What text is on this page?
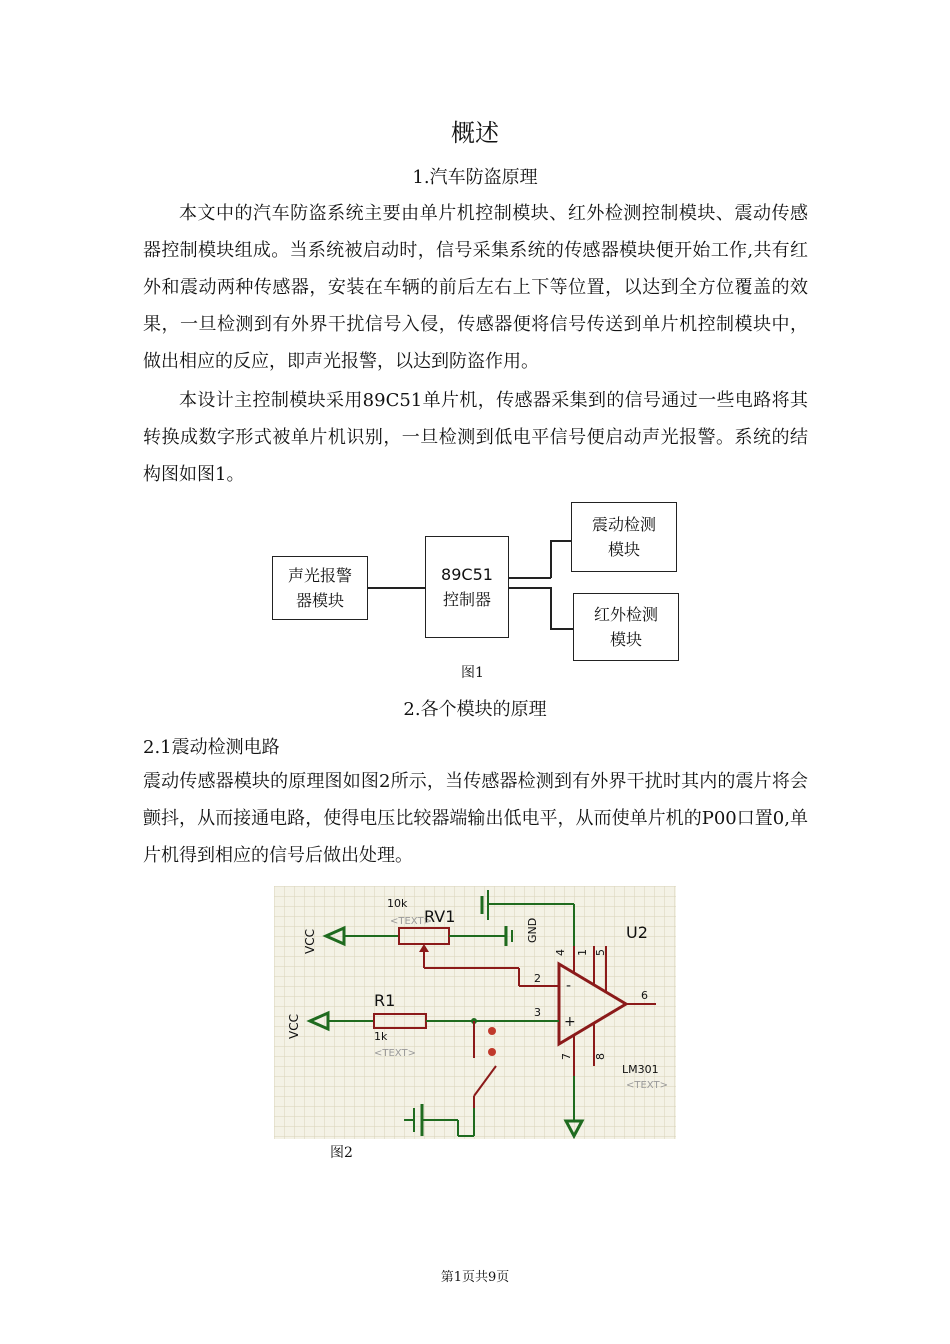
概述
1.汽车防盗原理

本文中的汽车防盗系统主要由单片机控制模块、红外检测控制模块、震动传感器控制模块组成。当系统被启动时，信号采集系统的传感器模块便开始工作,共有红外和震动两种传感器，安装在车辆的前后左右上下等位置，以达到全方位覆盖的效果，一旦检测到有外界干扰信号入侵，传感器便将信号传送到单片机控制模块中，做出相应的反应，即声光报警，以达到防盗作用。

本设计主控制模块采用89C51单片机，传感器采集到的信号通过一些电路将其转换成数字形式被单片机识别，一旦检测到低电平信号便启动声光报警。系统的结构图如图1。

声光报警
器模块
89C51
控制器
震动检测
模块
红外检测
模块
图1
2.各个模块的原理
2.1震动检测电路
震动传感器模块的原理图如图2所示，当传感器检测到有外界干扰时其内的震片将会颤抖，从而接通电路，使得电压比较器端输出低电平，从而使单片机的P00口置0,单片机得到相应的信号后做出处理。
VCC
10k
<TEXT>
RV1
GND
4 1 5
U2
2
3
6
-
+
7 8
LM301
<TEXT>
VCC
R1
1k
<TEXT>
图2
第1页共9页
